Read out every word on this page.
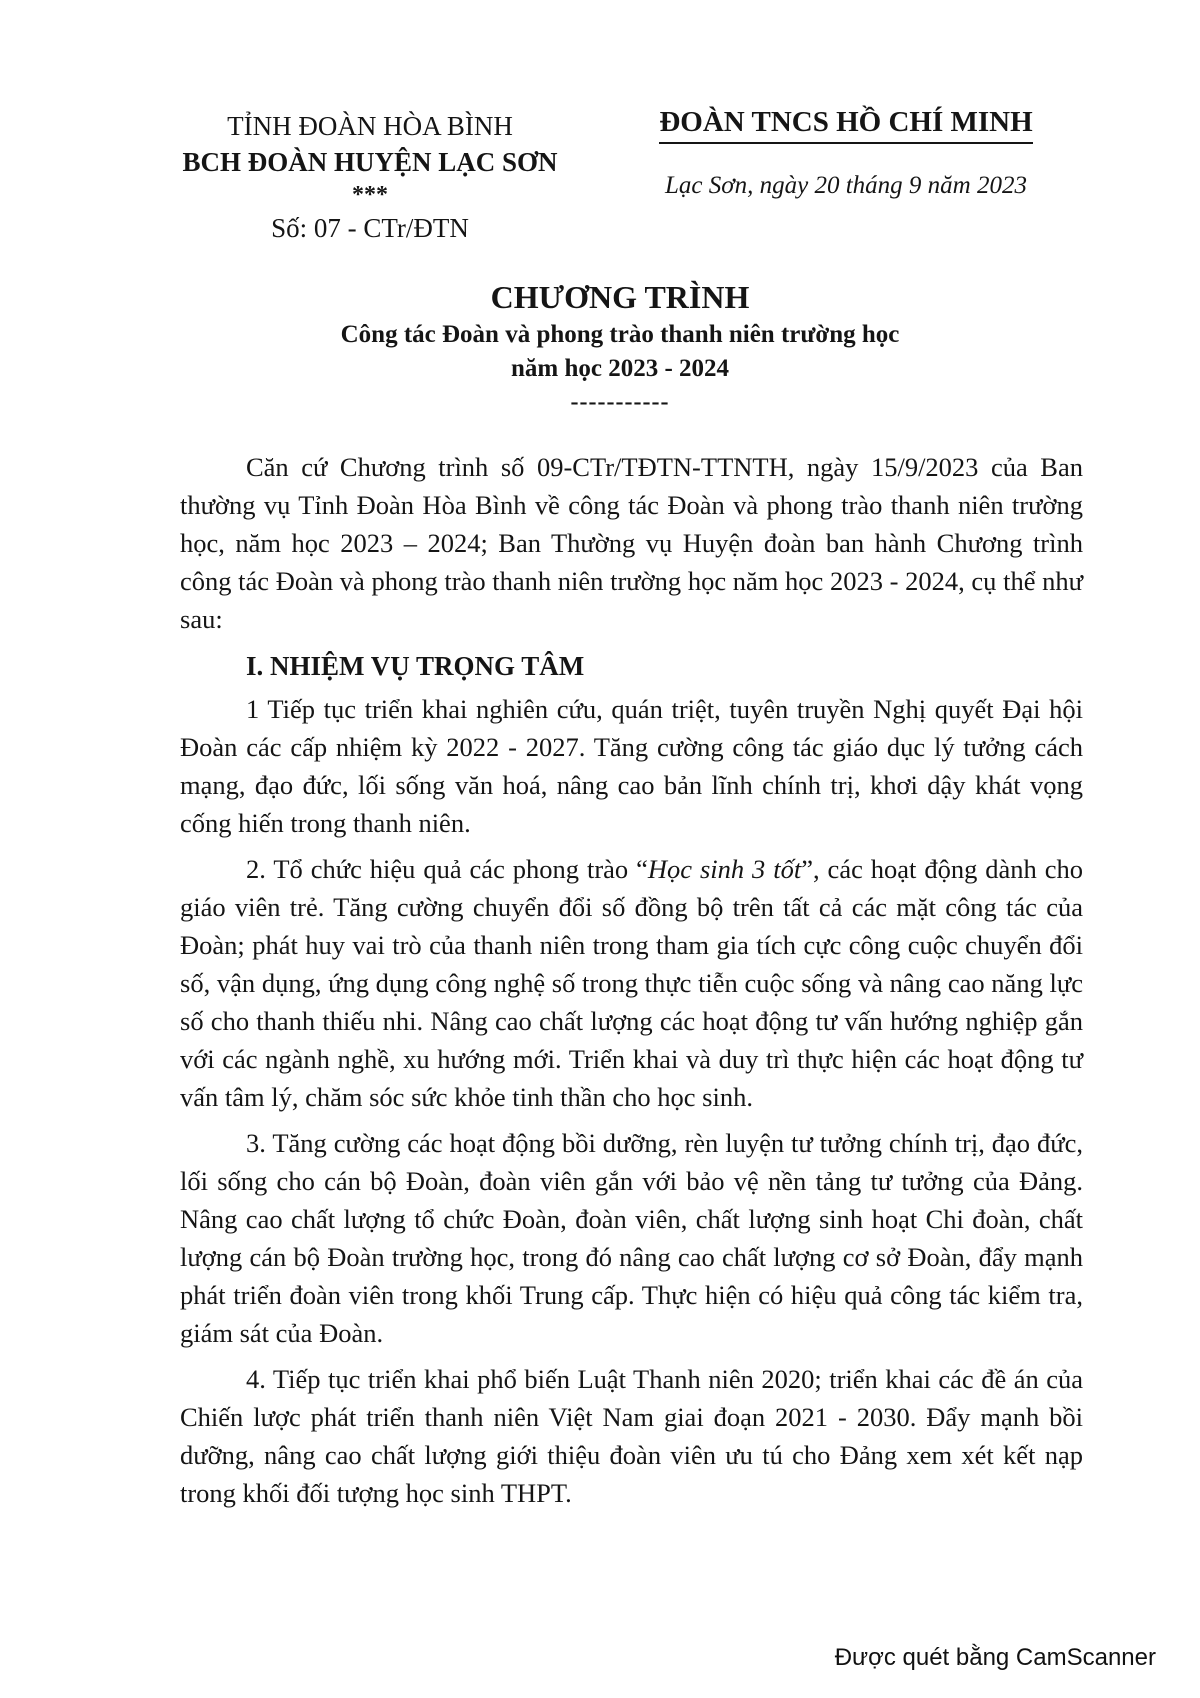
TỈNH ĐOÀN HÒA BÌNH
BCH ĐOÀN HUYỆN LẠC SƠN
***
Số: 07 - CTr/ĐTN
ĐOÀN TNCS HỒ CHÍ MINH
Lạc Sơn, ngày 20 tháng 9 năm 2023
CHƯƠNG TRÌNH
Công tác Đoàn và phong trào thanh niên trường học
năm học 2023 - 2024
-----------

Căn cứ Chương trình số 09-CTr/TĐTN-TTNTH, ngày 15/9/2023 của Ban thường vụ Tỉnh Đoàn Hòa Bình về công tác Đoàn và phong trào thanh niên trường học, năm học 2023 – 2024; Ban Thường vụ Huyện đoàn ban hành Chương trình công tác Đoàn và phong trào thanh niên trường học năm học 2023 - 2024, cụ thể như sau:

I. NHIỆM VỤ TRỌNG TÂM

1 Tiếp tục triển khai nghiên cứu, quán triệt, tuyên truyền Nghị quyết Đại hội Đoàn các cấp nhiệm kỳ 2022 - 2027. Tăng cường công tác giáo dục lý tưởng cách mạng, đạo đức, lối sống văn hoá, nâng cao bản lĩnh chính trị, khơi dậy khát vọng cống hiến trong thanh niên.

2. Tổ chức hiệu quả các phong trào “Học sinh 3 tốt”, các hoạt động dành cho giáo viên trẻ. Tăng cường chuyển đổi số đồng bộ trên tất cả các mặt công tác của Đoàn; phát huy vai trò của thanh niên trong tham gia tích cực công cuộc chuyển đổi số, vận dụng, ứng dụng công nghệ số trong thực tiễn cuộc sống và nâng cao năng lực số cho thanh thiếu nhi. Nâng cao chất lượng các hoạt động tư vấn hướng nghiệp gắn với các ngành nghề, xu hướng mới. Triển khai và duy trì thực hiện các hoạt động tư vấn tâm lý, chăm sóc sức khỏe tinh thần cho học sinh.

3. Tăng cường các hoạt động bồi dưỡng, rèn luyện tư tưởng chính trị, đạo đức, lối sống cho cán bộ Đoàn, đoàn viên gắn với bảo vệ nền tảng tư tưởng của Đảng. Nâng cao chất lượng tổ chức Đoàn, đoàn viên, chất lượng sinh hoạt Chi đoàn, chất lượng cán bộ Đoàn trường học, trong đó nâng cao chất lượng cơ sở Đoàn, đẩy mạnh phát triển đoàn viên trong khối Trung cấp. Thực hiện có hiệu quả công tác kiểm tra, giám sát của Đoàn.

4. Tiếp tục triển khai phổ biến Luật Thanh niên 2020; triển khai các đề án của Chiến lược phát triển thanh niên Việt Nam giai đoạn 2021 - 2030. Đẩy mạnh bồi dưỡng, nâng cao chất lượng giới thiệu đoàn viên ưu tú cho Đảng xem xét kết nạp trong khối đối tượng học sinh THPT.

Được quét bằng CamScanner
